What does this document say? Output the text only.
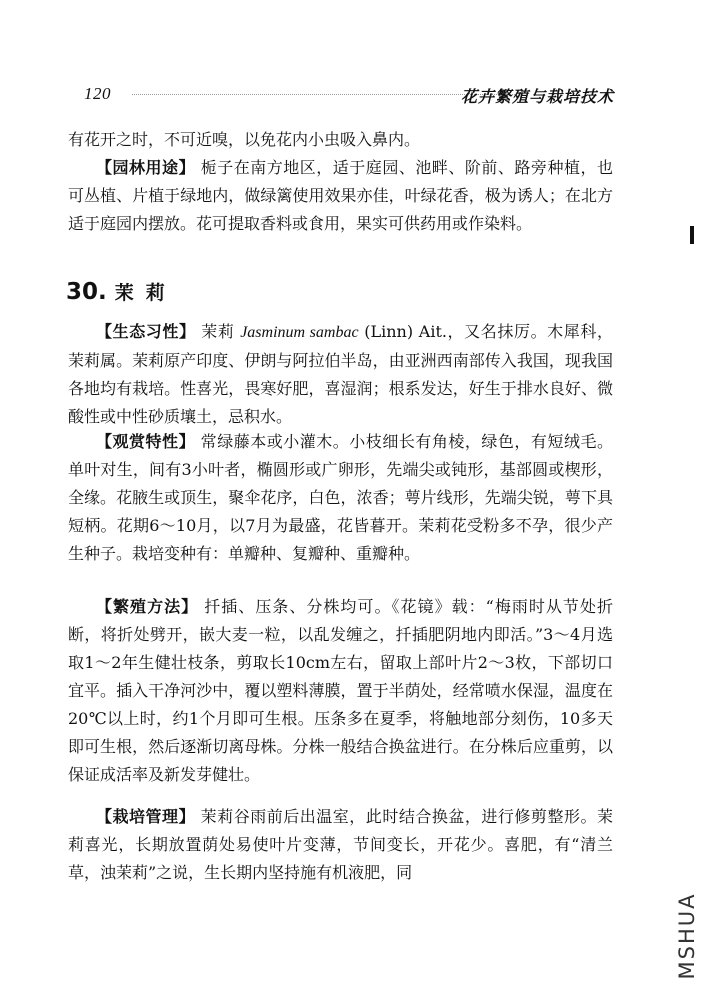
120	花卉繁殖与栽培技术
有花开之时，不可近嗅，以免花内小虫吸入鼻内。
【园林用途】 栀子在南方地区，适于庭园、池畔、阶前、路旁种植，也可丛植、片植于绿地内，做绿篱使用效果亦佳，叶绿花香，极为诱人；在北方适于庭园内摆放。花可提取香料或食用，果实可供药用或作染料。
30. 茉莉
【生态习性】 茉莉 Jasminum sambac (Linn) Ait.，又名抹厉。木犀科，茉莉属。茉莉原产印度、伊朗与阿拉伯半岛，由亚洲西南部传入我国，现我国各地均有栽培。性喜光，畏寒好肥，喜湿润；根系发达，好生于排水良好、微酸性或中性砂质壤土，忌积水。
【观赏特性】 常绿藤本或小灌木。小枝细长有角棱，绿色，有短绒毛。单叶对生，间有3小叶者，椭圆形或广卵形，先端尖或钝形，基部圆或楔形，全缘。花腋生或顶生，聚伞花序，白色，浓香；萼片线形，先端尖锐，萼下具短柄。花期6～10月，以7月为最盛，花皆暮开。茉莉花受粉多不孕，很少产生种子。栽培变种有：单瓣种、复瓣种、重瓣种。
【繁殖方法】 扦插、压条、分株均可。《花镜》载：“梅雨时从节处折断，将折处劈开，嵌大麦一粒，以乱发缠之，扦插肥阴地内即活。”3～4月选取1～2年生健壮枝条，剪取长10cm左右，留取上部叶片2～3枚，下部切口宜平。插入干净河沙中，覆以塑料薄膜，置于半荫处，经常喷水保湿，温度在20℃以上时，约1个月即可生根。压条多在夏季，将触地部分刻伤，10多天即可生根，然后逐渐切离母株。分株一般结合换盆进行。在分株后应重剪，以保证成活率及新发芽健壮。
【栽培管理】 茉莉谷雨前后出温室，此时结合换盆，进行修剪整形。茉莉喜光，长期放置荫处易使叶片变薄，节间变长，开花少。喜肥，有“清兰草，浊茉莉”之说，生长期内坚持施有机液肥，同
MSHUA
